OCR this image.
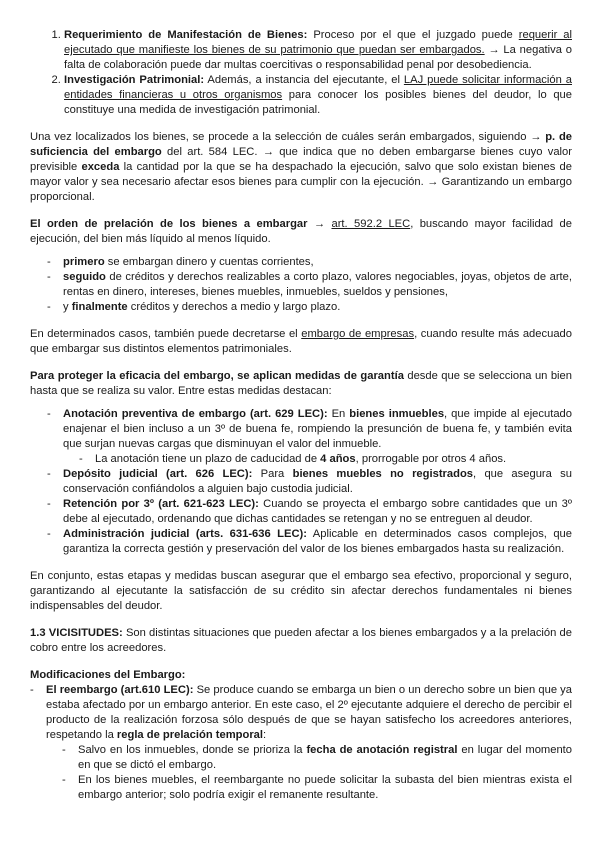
1. Requerimiento de Manifestación de Bienes: Proceso por el que el juzgado puede requerir al ejecutado que manifieste los bienes de su patrimonio que puedan ser embargados. → La negativa o falta de colaboración puede dar multas coercitivas o responsabilidad penal por desobediencia.
2. Investigación Patrimonial: Además, a instancia del ejecutante, el LAJ puede solicitar información a entidades financieras u otros organismos para conocer los posibles bienes del deudor, lo que constituye una medida de investigación patrimonial.

Una vez localizados los bienes, se procede a la selección de cuáles serán embargados, siguiendo → p. de suficiencia del embargo del art. 584 LEC. → que indica que no deben embargarse bienes cuyo valor previsible exceda la cantidad por la que se ha despachado la ejecución, salvo que solo existan bienes de mayor valor y sea necesario afectar esos bienes para cumplir con la ejecución. → Garantizando un embargo proporcional.

El orden de prelación de los bienes a embargar → art. 592.2 LEC, buscando mayor facilidad de ejecución, del bien más líquido al menos líquido.

- primero se embargan dinero y cuentas corrientes,
- seguido de créditos y derechos realizables a corto plazo, valores negociables, joyas, objetos de arte, rentas en dinero, intereses, bienes muebles, inmuebles, sueldos y pensiones,
- y finalmente créditos y derechos a medio y largo plazo.

En determinados casos, también puede decretarse el embargo de empresas, cuando resulte más adecuado que embargar sus distintos elementos patrimoniales.

Para proteger la eficacia del embargo, se aplican medidas de garantía desde que se selecciona un bien hasta que se realiza su valor. Entre estas medidas destacan:

- Anotación preventiva de embargo (art. 629 LEC): En bienes inmuebles, que impide al ejecutado enajenar el bien incluso a un 3º de buena fe, rompiendo la presunción de buena fe, y también evita que surjan nuevas cargas que disminuyan el valor del inmueble.
- La anotación tiene un plazo de caducidad de 4 años, prorrogable por otros 4 años.
- Depósito judicial (art. 626 LEC): Para bienes muebles no registrados, que asegura su conservación confiándolos a alguien bajo custodia judicial.
- Retención por 3º (art. 621-623 LEC): Cuando se proyecta el embargo sobre cantidades que un 3º debe al ejecutado, ordenando que dichas cantidades se retengan y no se entreguen al deudor.
- Administración judicial (arts. 631-636 LEC): Aplicable en determinados casos complejos, que garantiza la correcta gestión y preservación del valor de los bienes embargados hasta su realización.

En conjunto, estas etapas y medidas buscan asegurar que el embargo sea efectivo, proporcional y seguro, garantizando al ejecutante la satisfacción de su crédito sin afectar derechos fundamentales ni bienes indispensables del deudor.

1.3 VICISITUDES: Son distintas situaciones que pueden afectar a los bienes embargados y a la prelación de cobro entre los acreedores.

Modificaciones del Embargo:

- El reembargo (art.610 LEC): Se produce cuando se embarga un bien o un derecho sobre un bien que ya estaba afectado por un embargo anterior. En este caso, el 2º ejecutante adquiere el derecho de percibir el producto de la realización forzosa sólo después de que se hayan satisfecho los acreedores anteriores, respetando la regla de prelación temporal:
- Salvo en los inmuebles, donde se prioriza la fecha de anotación registral en lugar del momento en que se dictó el embargo.
- En los bienes muebles, el reembargante no puede solicitar la subasta del bien mientras exista el embargo anterior; solo podría exigir el remanente resultante.
